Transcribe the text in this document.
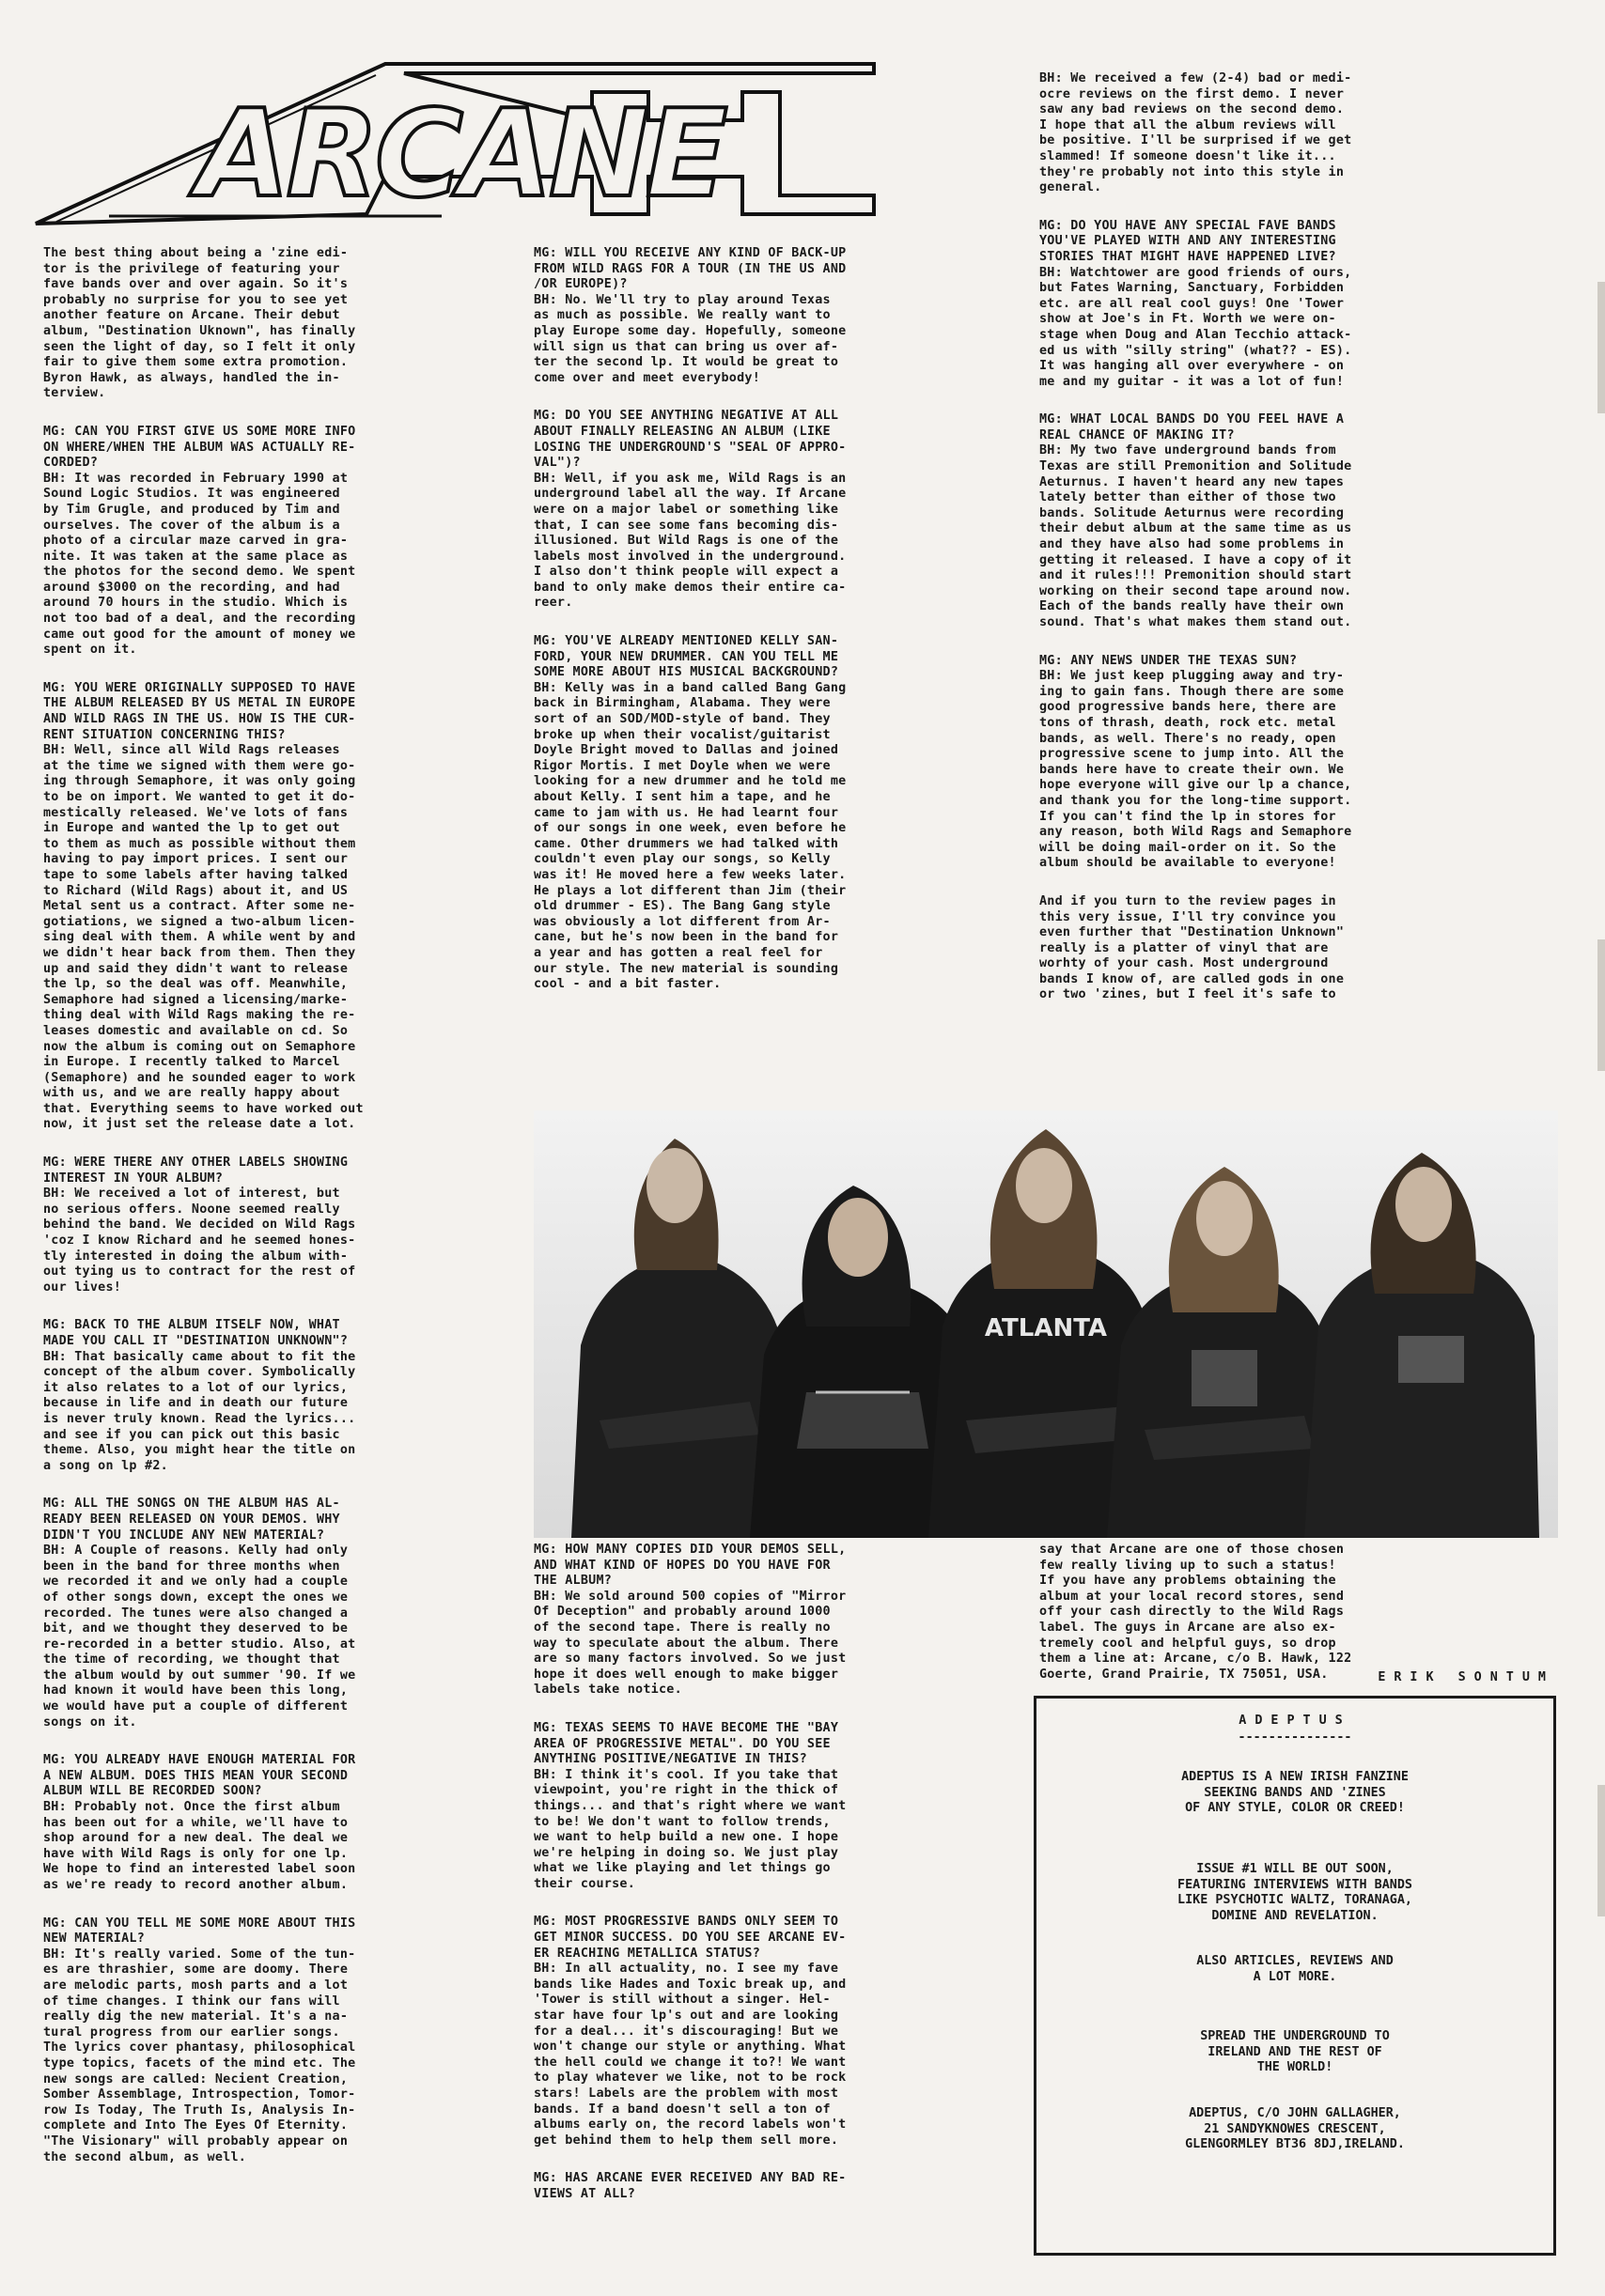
ARCANE

The best thing about being a 'zine edi-
tor is the privilege of featuring your
fave bands over and over again. So it's
probably no surprise for you to see yet
another feature on Arcane. Their debut
album, "Destination Uknown", has finally
seen the light of day, so I felt it only
fair to give them some extra promotion.
Byron Hawk, as always, handled the in-
terview.

MG: CAN YOU FIRST GIVE US SOME MORE INFO
ON WHERE/WHEN THE ALBUM WAS ACTUALLY RE-
CORDED?
BH: It was recorded in February 1990 at
Sound Logic Studios. It was engineered
by Tim Grugle, and produced by Tim and
ourselves. The cover of the album is a
photo of a circular maze carved in gra-
nite. It was taken at the same place as
the photos for the second demo. We spent
around $3000 on the recording, and had
around 70 hours in the studio. Which is
not too bad of a deal, and the recording
came out good for the amount of money we
spent on it.

MG: YOU WERE ORIGINALLY SUPPOSED TO HAVE
THE ALBUM RELEASED BY US METAL IN EUROPE
AND WILD RAGS IN THE US. HOW IS THE CUR-
RENT SITUATION CONCERNING THIS?
BH: Well, since all Wild Rags releases
at the time we signed with them were go-
ing through Semaphore, it was only going
to be on import. We wanted to get it do-
mestically released. We've lots of fans
in Europe and wanted the lp to get out
to them as much as possible without them
having to pay import prices. I sent our
tape to some labels after having talked
to Richard (Wild Rags) about it, and US
Metal sent us a contract. After some ne-
gotiations, we signed a two-album licen-
sing deal with them. A while went by and
we didn't hear back from them. Then they
up and said they didn't want to release
the lp, so the deal was off. Meanwhile,
Semaphore had signed a licensing/marke-
thing deal with Wild Rags making the re-
leases domestic and available on cd. So
now the album is coming out on Semaphore
in Europe. I recently talked to Marcel
(Semaphore) and he sounded eager to work
with us, and we are really happy about
that. Everything seems to have worked out
now, it just set the release date a lot.

MG: WERE THERE ANY OTHER LABELS SHOWING
INTEREST IN YOUR ALBUM?
BH: We received a lot of interest, but
no serious offers. Noone seemed really
behind the band. We decided on Wild Rags
'coz I know Richard and he seemed hones-
tly interested in doing the album with-
out tying us to contract for the rest of
our lives!

MG: BACK TO THE ALBUM ITSELF NOW, WHAT
MADE YOU CALL IT "DESTINATION UNKNOWN"?
BH: That basically came about to fit the
concept of the album cover. Symbolically
it also relates to a lot of our lyrics,
because in life and in death our future
is never truly known. Read the lyrics...
and see if you can pick out this basic
theme. Also, you might hear the title on
a song on lp #2.

MG: ALL THE SONGS ON THE ALBUM HAS AL-
READY BEEN RELEASED ON YOUR DEMOS. WHY
DIDN'T YOU INCLUDE ANY NEW MATERIAL?
BH: A Couple of reasons. Kelly had only
been in the band for three months when
we recorded it and we only had a couple
of other songs down, except the ones we
recorded. The tunes were also changed a
bit, and we thought they deserved to be
re-recorded in a better studio. Also, at
the time of recording, we thought that
the album would by out summer '90. If we
had known it would have been this long,
we would have put a couple of different
songs on it.

MG: YOU ALREADY HAVE ENOUGH MATERIAL FOR
A NEW ALBUM. DOES THIS MEAN YOUR SECOND
ALBUM WILL BE RECORDED SOON?
BH: Probably not. Once the first album
has been out for a while, we'll have to
shop around for a new deal. The deal we
have with Wild Rags is only for one lp.
We hope to find an interested label soon
as we're ready to record another album.

MG: CAN YOU TELL ME SOME MORE ABOUT THIS
NEW MATERIAL?
BH: It's really varied. Some of the tun-
es are thrashier, some are doomy. There
are melodic parts, mosh parts and a lot
of time changes. I think our fans will
really dig the new material. It's a na-
tural progress from our earlier songs.
The lyrics cover phantasy, philosophical
type topics, facets of the mind etc. The
new songs are called: Necient Creation,
Somber Assemblage, Introspection, Tomor-
row Is Today, The Truth Is, Analysis In-
complete and Into The Eyes Of Eternity.
"The Visionary" will probably appear on
the second album, as well.

MG: WILL YOU RECEIVE ANY KIND OF BACK-UP
FROM WILD RAGS FOR A TOUR (IN THE US AND
/OR EUROPE)?
BH: No. We'll try to play around Texas
as much as possible. We really want to
play Europe some day. Hopefully, someone
will sign us that can bring us over af-
ter the second lp. It would be great to
come over and meet everybody!

MG: DO YOU SEE ANYTHING NEGATIVE AT ALL
ABOUT FINALLY RELEASING AN ALBUM (LIKE
LOSING THE UNDERGROUND'S "SEAL OF APPRO-
VAL")?
BH: Well, if you ask me, Wild Rags is an
underground label all the way. If Arcane
were on a major label or something like
that, I can see some fans becoming dis-
illusioned. But Wild Rags is one of the
labels most involved in the underground.
I also don't think people will expect a
band to only make demos their entire ca-
reer.

MG: YOU'VE ALREADY MENTIONED KELLY SAN-
FORD, YOUR NEW DRUMMER. CAN YOU TELL ME
SOME MORE ABOUT HIS MUSICAL BACKGROUND?
BH: Kelly was in a band called Bang Gang
back in Birmingham, Alabama. They were
sort of an SOD/MOD-style of band. They
broke up when their vocalist/guitarist
Doyle Bright moved to Dallas and joined
Rigor Mortis. I met Doyle when we were
looking for a new drummer and he told me
about Kelly. I sent him a tape, and he
came to jam with us. He had learnt four
of our songs in one week, even before he
came. Other drummers we had talked with
couldn't even play our songs, so Kelly
was it! He moved here a few weeks later.
He plays a lot different than Jim (their
old drummer - ES). The Bang Gang style
was obviously a lot different from Ar-
cane, but he's now been in the band for
a year and has gotten a real feel for
our style. The new material is sounding
cool - and a bit faster.

BH: We received a few (2-4) bad or medi-
ocre reviews on the first demo. I never
saw any bad reviews on the second demo.
I hope that all the album reviews will
be positive. I'll be surprised if we get
slammed! If someone doesn't like it...
they're probably not into this style in
general.

MG: DO YOU HAVE ANY SPECIAL FAVE BANDS
YOU'VE PLAYED WITH AND ANY INTERESTING
STORIES THAT MIGHT HAVE HAPPENED LIVE?
BH: Watchtower are good friends of ours,
but Fates Warning, Sanctuary, Forbidden
etc. are all real cool guys! One 'Tower
show at Joe's in Ft. Worth we were on-
stage when Doug and Alan Tecchio attack-
ed us with "silly string" (what?? - ES).
It was hanging all over everywhere - on
me and my guitar - it was a lot of fun!

MG: WHAT LOCAL BANDS DO YOU FEEL HAVE A
REAL CHANCE OF MAKING IT?
BH: My two fave underground bands from
Texas are still Premonition and Solitude
Aeturnus. I haven't heard any new tapes
lately better than either of those two
bands. Solitude Aeturnus were recording
their debut album at the same time as us
and they have also had some problems in
getting it released. I have a copy of it
and it rules!!! Premonition should start
working on their second tape around now.
Each of the bands really have their own
sound. That's what makes them stand out.

MG: ANY NEWS UNDER THE TEXAS SUN?
BH: We just keep plugging away and try-
ing to gain fans. Though there are some
good progressive bands here, there are
tons of thrash, death, rock etc. metal
bands, as well. There's no ready, open
progressive scene to jump into. All the
bands here have to create their own. We
hope everyone will give our lp a chance,
and thank you for the long-time support.
If you can't find the lp in stores for
any reason, both Wild Rags and Semaphore
will be doing mail-order on it. So the
album should be available to everyone!

And if you turn to the review pages in
this very issue, I'll try convince you
even further that "Destination Unknown"
really is a platter of vinyl that are
worhty of your cash. Most underground
bands I know of, are called gods in one
or two 'zines, but I feel it's safe to

ATLANTA

MG: HOW MANY COPIES DID YOUR DEMOS SELL,
AND WHAT KIND OF HOPES DO YOU HAVE FOR
THE ALBUM?
BH: We sold around 500 copies of "Mirror
Of Deception" and probably around 1000
of the second tape. There is really no
way to speculate about the album. There
are so many factors involved. So we just
hope it does well enough to make bigger
labels take notice.

MG: TEXAS SEEMS TO HAVE BECOME THE "BAY
AREA OF PROGRESSIVE METAL". DO YOU SEE
ANYTHING POSITIVE/NEGATIVE IN THIS?
BH: I think it's cool. If you take that
viewpoint, you're right in the thick of
things... and that's right where we want
to be! We don't want to follow trends,
we want to help build a new one. I hope
we're helping in doing so. We just play
what we like playing and let things go
their course.

MG: MOST PROGRESSIVE BANDS ONLY SEEM TO
GET MINOR SUCCESS. DO YOU SEE ARCANE EV-
ER REACHING METALLICA STATUS?
BH: In all actuality, no. I see my fave
bands like Hades and Toxic break up, and
'Tower is still without a singer. Hel-
star have four lp's out and are looking
for a deal... it's discouraging! But we
won't change our style or anything. What
the hell could we change it to?! We want
to play whatever we like, not to be rock
stars! Labels are the problem with most
bands. If a band doesn't sell a ton of
albums early on, the record labels won't
get behind them to help them sell more.

MG: HAS ARCANE EVER RECEIVED ANY BAD RE-
VIEWS AT ALL?

say that Arcane are one of those chosen
few really living up to such a status!
If you have any problems obtaining the
album at your local record stores, send
off your cash directly to the Wild Rags
label. The guys in Arcane are also ex-
tremely cool and helpful guys, so drop
them a line at: Arcane, c/o B. Hawk, 122
Goerte, Grand Prairie, TX 75051, USA.	ERIK SONTUM

ADEPTUS

---------------

ADEPTUS IS A NEW IRISH FANZINE
SEEKING BANDS AND 'ZINES
OF ANY STYLE, COLOR OR CREED!

ISSUE #1 WILL BE OUT SOON,
FEATURING INTERVIEWS WITH BANDS
LIKE PSYCHOTIC WALTZ, TORANAGA,
DOMINE AND REVELATION.

ALSO ARTICLES, REVIEWS AND
A LOT MORE.

SPREAD THE UNDERGROUND TO
IRELAND AND THE REST OF
THE WORLD!

ADEPTUS, C/O JOHN GALLAGHER,
21 SANDYKNOWES CRESCENT,
GLENGORMLEY BT36 8DJ,IRELAND.
